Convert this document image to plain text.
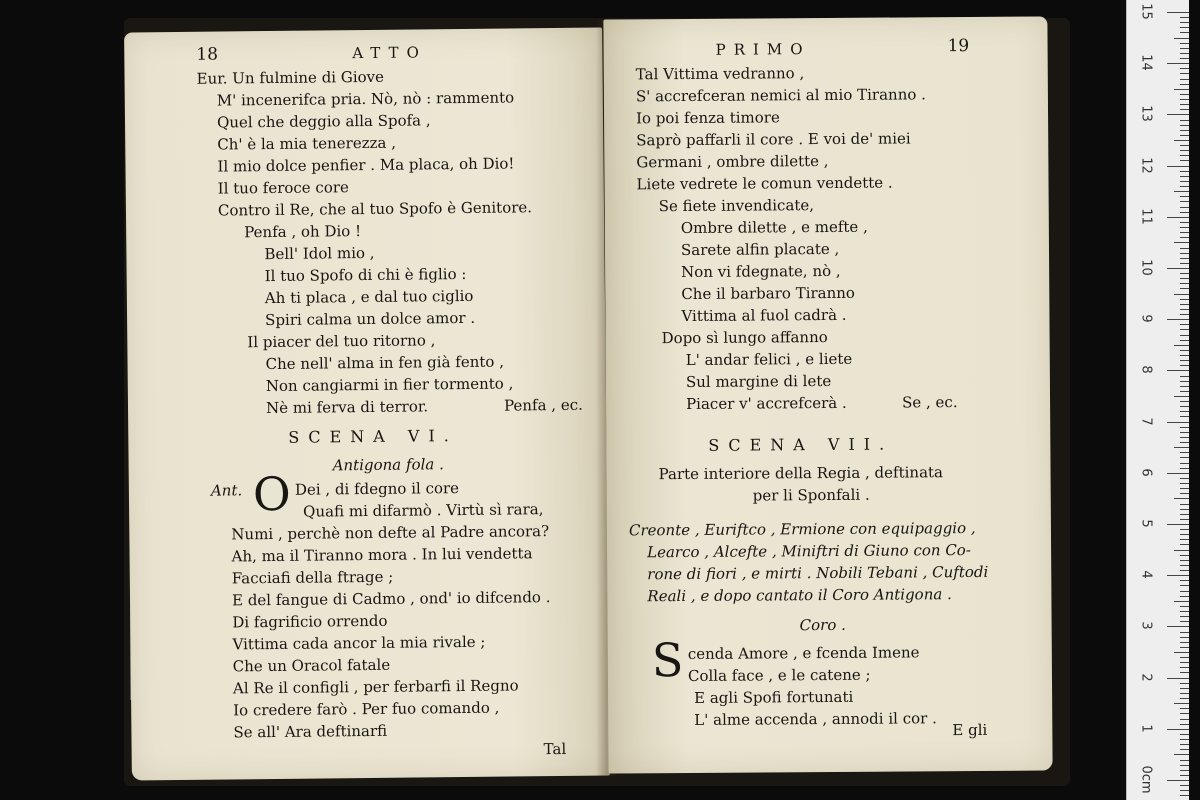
18	ATTO
Eur. Un fulmine di Giove
M' incenerifca pria. Nò, nò : rammento
Quel che deggio alla Spofa ,
Ch' è la mia tenerezza ,
Il mio dolce penfier . Ma placa, oh Dio!
Il tuo feroce core
Contro il Re, che al tuo Spofo è Genitore.
Penfa , oh Dio !
Bell' Idol mio ,
Il tuo Spofo di chi è figlio :
Ah ti placa , e dal tuo ciglio
Spiri calma un dolce amor .
Il piacer del tuo ritorno ,
Che nell' alma in fen già fento ,
Non cangiarmi in fier tormento ,
Nè mi ferva di terror.	Penfa , ec.
SCENA VI.
Antigona fola .
Ant. O Dei , di fdegno il core
Quafi mi difarmò . Virtù sì rara,
Numi , perchè non defte al Padre ancora?
Ah, ma il Tiranno mora . In lui vendetta
Facciafi della ftrage ;
E del fangue di Cadmo , ond' io difcendo .
Di fagrificio orrendo
Vittima cada ancor la mia rivale ;
Che un Oracol fatale
Al Re il configli , per ferbarfi il Regno
Io credere farò . Per fuo comando ,
Se all' Ara deftinarfi
Tal
PRIMO	19
Tal Vittima vedranno ,
S' accrefceran nemici al mio Tiranno .
Io poi fenza timore
Saprò paffarli il core . E voi de' miei
Germani , ombre dilette ,
Liete vedrete le comun vendette .
Se fiete invendicate,
Ombre dilette , e mefte ,
Sarete alfin placate ,
Non vi fdegnate, nò ,
Che il barbaro Tiranno
Vittima al fuol cadrà .
Dopo sì lungo affanno
L' andar felici , e liete
Sul margine di lete
Piacer v' accrefcerà .	Se , ec.
SCENA VII.
Parte interiore della Regia , deftinata
per li Sponfali .
Creonte , Euriftco , Ermione con equipaggio ,
Learco , Alcefte , Miniftri di Giuno con Co-
rone di fiori , e mirti . Nobili Tebani , Cuftodi
Reali , e dopo cantato il Coro Antigona .
Coro .
S cenda Amore , e fcenda Imene
Colla face , e le catene ;
E agli Spofi fortunati
L' alme accenda , annodi il cor .
E gli
15
14
13
12
11
10
9
8
7
6
5
4
3
2
1
0cm
